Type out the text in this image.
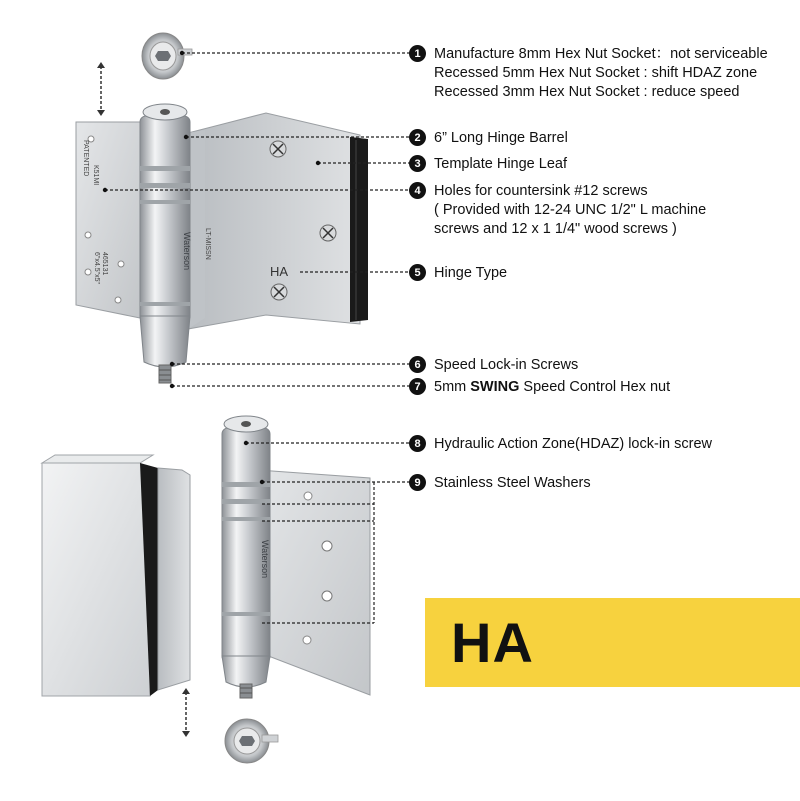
HA
PATENTED K51MI
465131
6"x4.5"x5"
LT-MISSN
Waterson
Waterson
1 Manufacture 8mm Hex Nut Socket：not serviceable
Recessed 5mm Hex Nut Socket : shift HDAZ zone
Recessed 3mm Hex Nut Socket : reduce speed
2 6” Long Hinge Barrel
3 Template Hinge Leaf
4 Holes for countersink #12 screws
( Provided with 12-24 UNC 1/2" L machine
screws and 12 x 1 1/4" wood screws )
5 Hinge Type
6 Speed Lock-in Screws
7 5mm SWING Speed Control Hex nut
8 Hydraulic Action Zone(HDAZ) lock-in screw
9 Stainless Steel Washers
HA
